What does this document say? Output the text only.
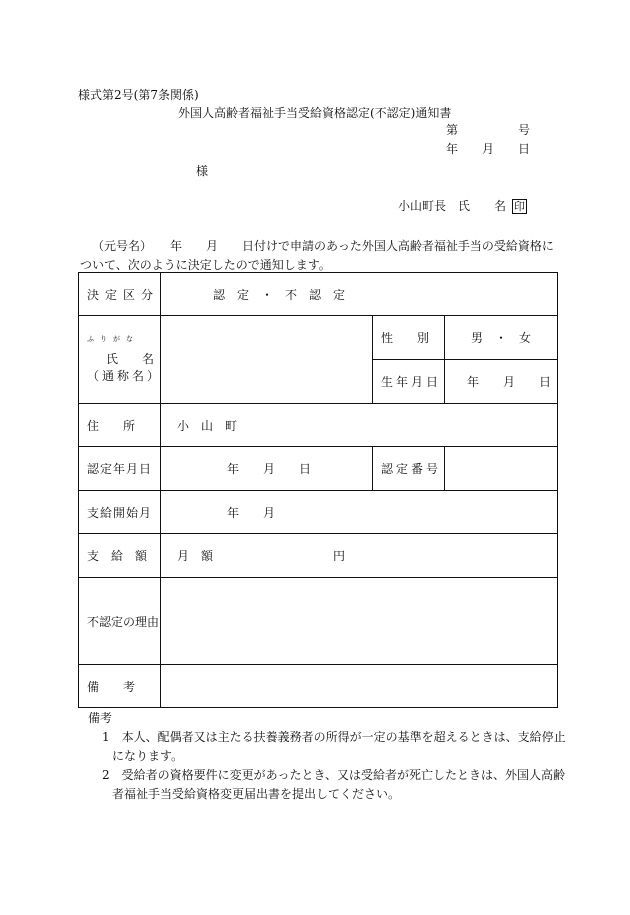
様式第2号(第7条関係)
外国人高齢者福祉手当受給資格認定(不認定)通知書
第	号
年　　月　　日
様
小山町長　氏　　名 印
（元号名）　　年　　月　　日付けで申請のあった外国人高齢者福祉手当の受給資格に
ついて、次のように決定したので通知します。
決定区分	認　定　・　不　認　定		

ふりがな
氏　　名
（通称名）		性　　別	男　・　女
		生年月日	年　　月　　日
住　　所	小　山　町		
認定年月日	年　　月　　日	認定番号	
支給開始月	年　　月		
支　給　額	月　額　　　　　　　　　　円		
不認定の理由			
備　　考			
備考
1　本人、配偶者又は主たる扶養義務者の所得が一定の基準を超えるときは、支給停止
になります。
2　受給者の資格要件に変更があったとき、又は受給者が死亡したときは、外国人高齢
者福祉手当受給資格変更届出書を提出してください。
